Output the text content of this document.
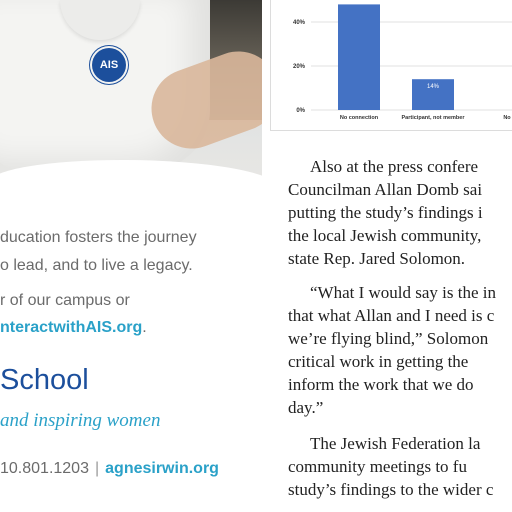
AIS
ducation fosters the journey
o lead, and to live a legacy.
r of our campus or
nteractwithAIS.org.
School
and inspiring women
10.801.1203 | agnesirwin.org
0%
20%
40%
No connection	Participant, not member
14%
No
Also at the press confere
Councilman Allan Domb sai
putting the study’s findings i
the local Jewish community,
state Rep. Jared Solomon.
“What I would say is the in
that what Allan and I need is c
we’re flying blind,” Solomon
critical work in getting the
inform the work that we do
day.”
The Jewish Federation la
community meetings to fu
study’s findings to the wider c
